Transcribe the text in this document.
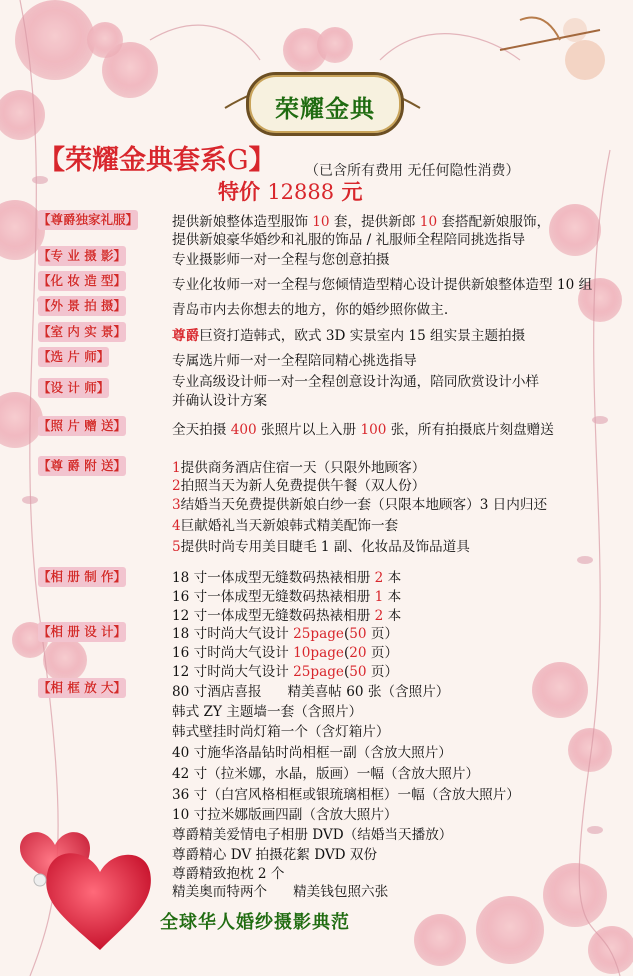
荣耀金典
【荣耀金典套系G】 （已含所有费用 无任何隐性消费）
特价 12888 元
【尊爵独家礼服】
【专 业 摄 影】
【化 妆 造 型】
【外 景 拍 摄】
【室 内 实 景】
【选 片 师】
【设 计 师】
【照 片 赠 送】
【尊 爵 附 送】
【相 册 制 作】
【相 册 设 计】
【相 框 放 大】
提供新娘整体造型服饰 10 套，提供新郎 10 套搭配新娘服饰，
提供新娘豪华婚纱和礼服的饰品 / 礼服师全程陪同挑选指导
专业摄影师一对一全程与您创意拍摄
专业化妆师一对一全程与您倾情造型精心设计提供新娘整体造型 10 组
青岛市内去你想去的地方，你的婚纱照你做主.
尊爵巨资打造韩式，欧式 3D 实景室内 15 组实景主题拍摄
专属选片师一对一全程陪同精心挑选指导
专业高级设计师一对一全程创意设计沟通，陪同欣赏设计小样
并确认设计方案
全天拍摄 400 张照片以上入册 100 张，所有拍摄底片刻盘赠送
1提供商务酒店住宿一天（只限外地顾客）
2拍照当天为新人免费提供午餐（双人份）
3结婚当天免费提供新娘白纱一套（只限本地顾客）3 日内归还
4巨献婚礼当天新娘韩式精美配饰一套
5提供时尚专用美目睫毛 1 副、化妆品及饰品道具
18 寸一体成型无缝数码热裱相册 2 本
16 寸一体成型无缝数码热裱相册 1 本
12 寸一体成型无缝数码热裱相册 2 本
18 寸时尚大气设计 25page(50 页）
16 寸时尚大气设计 10page(20 页）
12 寸时尚大气设计 25page(50 页）
80 寸酒店喜报      精美喜帖 60 张（含照片）
韩式 ZY 主题墙一套（含照片）
韩式壁挂时尚灯箱一个（含灯箱片）
40 寸施华洛晶钻时尚相框一副（含放大照片）
42 寸（拉米娜，水晶，版画）一幅（含放大照片）
36 寸（白宫风格相框或银琉璃相框）一幅（含放大照片）
10 寸拉米娜版画四副（含放大照片）
尊爵精美爱情电子相册 DVD（结婚当天播放）
尊爵精心 DV 拍摄花絮 DVD 双份
尊爵精致抱枕 2 个
精美奥而特两个      精美钱包照六张
全球华人婚纱摄影典范
